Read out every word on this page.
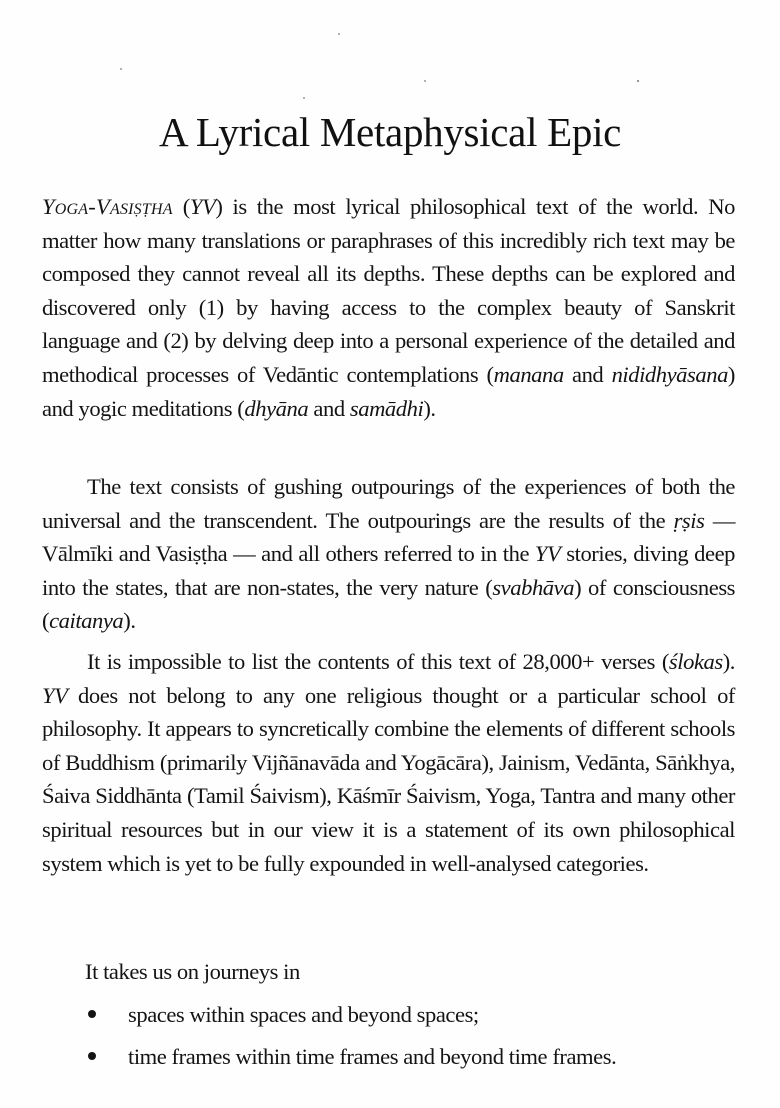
A Lyrical Metaphysical Epic

Yoga-Vasiṣṭha (YV) is the most lyrical philosophical text of the world. No matter how many translations or paraphrases of this incredibly rich text may be composed they cannot reveal all its depths. These depths can be explored and discovered only (1) by having access to the complex beauty of Sanskrit language and (2) by delving deep into a personal experience of the detailed and methodical processes of Vedāntic contemplations (manana and nididhyāsana) and yogic meditations (dhyāna and samādhi).

The text consists of gushing outpourings of the experiences of both the universal and the transcendent. The outpourings are the results of the ṛṣis — Vālmīki and Vasiṣṭha — and all others referred to in the YV stories, diving deep into the states, that are non-states, the very nature (svabhāva) of consciousness (caitanya).

It is impossible to list the contents of this text of 28,000+ verses (ślokas). YV does not belong to any one religious thought or a particular school of philosophy. It appears to syncretically combine the elements of different schools of Buddhism (primarily Vijñānavāda and Yogācāra), Jainism, Vedānta, Sāṅkhya, Śaiva Siddhānta (Tamil Śaivism), Kāśmīr Śaivism, Yoga, Tantra and many other spiritual resources but in our view it is a statement of its own philosophical system which is yet to be fully expounded in well-analysed categories.

It takes us on journeys in

spaces within spaces and beyond spaces;
time frames within time frames and beyond time frames.
